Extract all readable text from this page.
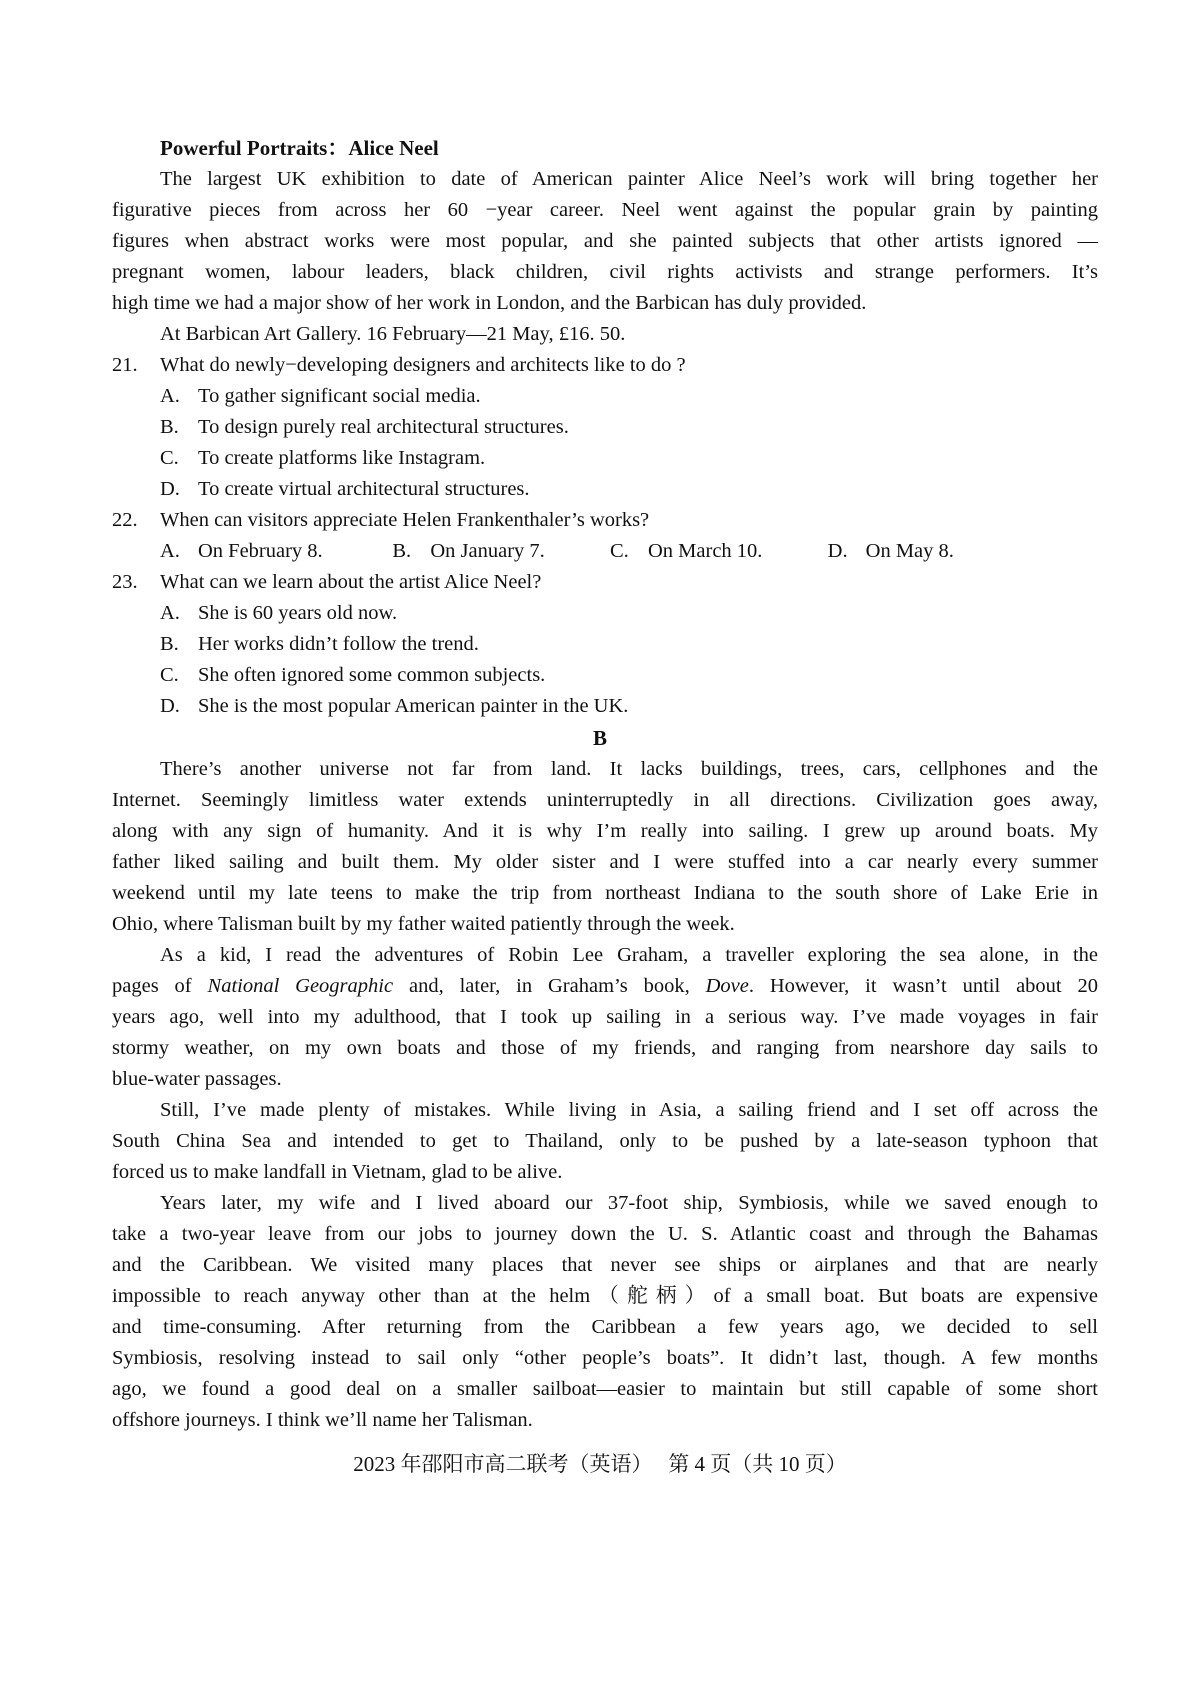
Powerful Portraits：Alice Neel
The largest UK exhibition to date of American painter Alice Neel’s work will bring together her
figurative pieces from across her 60 −year career. Neel went against the popular grain by painting
figures when abstract works were most popular, and she painted subjects that other artists ignored —
pregnant women, labour leaders, black children, civil rights activists and strange performers. It’s
high time we had a major show of her work in London, and the Barbican has duly provided.
At Barbican Art Gallery. 16 February—21 May, £16. 50.
21. What do newly−developing designers and architects like to do ?
A. To gather significant social media.
B. To design purely real architectural structures.
C. To create platforms like Instagram.
D. To create virtual architectural structures.
22. When can visitors appreciate Helen Frankenthaler’s works?
A. On February 8.	B. On January 7.	C. On March 10.	D. On May 8.
23. What can we learn about the artist Alice Neel?
A. She is 60 years old now.
B. Her works didn’t follow the trend.
C. She often ignored some common subjects.
D. She is the most popular American painter in the UK.
B
There’s another universe not far from land. It lacks buildings, trees, cars, cellphones and the
Internet. Seemingly limitless water extends uninterruptedly in all directions. Civilization goes away,
along with any sign of humanity. And it is why I’m really into sailing. I grew up around boats. My
father liked sailing and built them. My older sister and I were stuffed into a car nearly every summer
weekend until my late teens to make the trip from northeast Indiana to the south shore of Lake Erie in
Ohio, where Talisman built by my father waited patiently through the week.
As a kid, I read the adventures of Robin Lee Graham, a traveller exploring the sea alone, in the
pages of National Geographic and, later, in Graham’s book, Dove. However, it wasn’t until about 20
years ago, well into my adulthood, that I took up sailing in a serious way. I’ve made voyages in fair
stormy weather, on my own boats and those of my friends, and ranging from nearshore day sails to
blue-water passages.
Still, I’ve made plenty of mistakes. While living in Asia, a sailing friend and I set off across the
South China Sea and intended to get to Thailand, only to be pushed by a late-season typhoon that
forced us to make landfall in Vietnam, glad to be alive.
Years later, my wife and I lived aboard our 37-foot ship, Symbiosis, while we saved enough to
take a two-year leave from our jobs to journey down the U. S. Atlantic coast and through the Bahamas
and the Caribbean. We visited many places that never see ships or airplanes and that are nearly
impossible to reach anyway other than at the helm（舵柄）of a small boat. But boats are expensive
and time-consuming. After returning from the Caribbean a few years ago, we decided to sell
Symbiosis, resolving instead to sail only “other people’s boats”. It didn’t last, though. A few months
ago, we found a good deal on a smaller sailboat—easier to maintain but still capable of some short
offshore journeys. I think we’ll name her Talisman.
2023 年邵阳市高二联考（英语）   第 4 页（共 10 页）
